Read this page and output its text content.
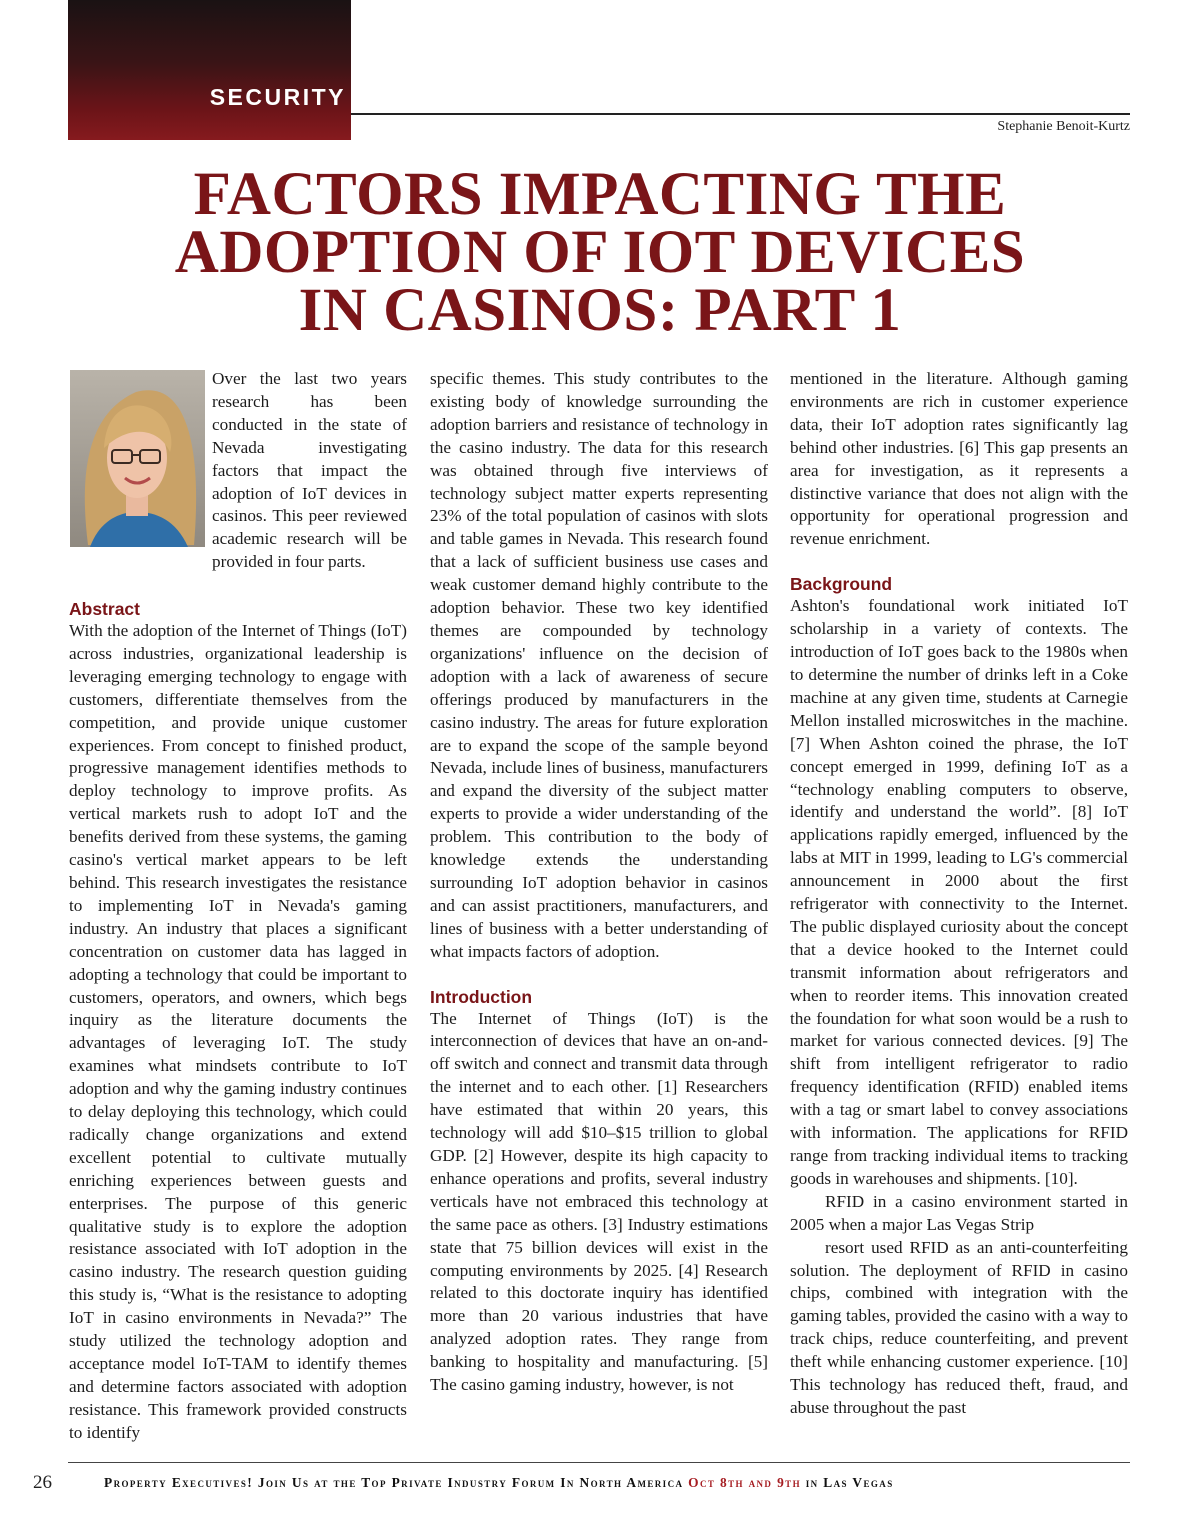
SECURITY
Stephanie Benoit-Kurtz
FACTORS IMPACTING THE
ADOPTION OF IOT DEVICES
IN CASINOS: PART 1

Over the last two years research has been conducted in the state of Nevada investigating factors that impact the adoption of IoT devices in casinos. This peer reviewed academic research will be provided in four parts.

Abstract

With the adoption of the Internet of Things (IoT) across industries, organizational leadership is leveraging emerging technology to engage with customers, differentiate themselves from the competition, and provide unique customer experiences. From concept to finished product, progressive management identifies methods to deploy technology to improve profits. As vertical markets rush to adopt IoT and the benefits derived from these systems, the gaming casino's vertical market appears to be left behind. This research investigates the resistance to implementing IoT in Nevada's gaming industry. An industry that places a significant concentration on customer data has lagged in adopting a technology that could be important to customers, operators, and owners, which begs inquiry as the literature documents the advantages of leveraging IoT. The study examines what mindsets contribute to IoT adoption and why the gaming industry continues to delay deploying this technology, which could radically change organizations and extend excellent potential to cultivate mutually enriching experiences between guests and enterprises. The purpose of this generic qualitative study is to explore the adoption resistance associated with IoT adoption in the casino industry. The research question guiding this study is, “What is the resistance to adopting IoT in casino environments in Nevada?” The study utilized the technology adoption and acceptance model IoT-TAM to identify themes and determine factors associated with adoption resistance. This framework provided constructs to identify

specific themes. This study contributes to the existing body of knowledge surrounding the adoption barriers and resistance of technology in the casino industry. The data for this research was obtained through five interviews of technology subject matter experts representing 23% of the total population of casinos with slots and table games in Nevada. This research found that a lack of sufficient business use cases and weak customer demand highly contribute to the adoption behavior. These two key identified themes are compounded by technology organizations' influence on the decision of adoption with a lack of awareness of secure offerings produced by manufacturers in the casino industry. The areas for future exploration are to expand the scope of the sample beyond Nevada, include lines of business, manufacturers and expand the diversity of the subject matter experts to provide a wider understanding of the problem. This contribution to the body of knowledge extends the understanding surrounding IoT adoption behavior in casinos and can assist practitioners, manufacturers, and lines of business with a better understanding of what impacts factors of adoption.

Introduction

The Internet of Things (IoT) is the interconnection of devices that have an on-and-off switch and connect and transmit data through the internet and to each other. [1] Researchers have estimated that within 20 years, this technology will add $10–$15 trillion to global GDP. [2] However, despite its high capacity to enhance operations and profits, several industry verticals have not embraced this technology at the same pace as others. [3] Industry estimations state that 75 billion devices will exist in the computing environments by 2025. [4] Research related to this doctorate inquiry has identified more than 20 various industries that have analyzed adoption rates. They range from banking to hospitality and manufacturing. [5] The casino gaming industry, however, is not

mentioned in the literature. Although gaming environments are rich in customer experience data, their IoT adoption rates significantly lag behind other industries. [6] This gap presents an area for investigation, as it represents a distinctive variance that does not align with the opportunity for operational progression and revenue enrichment.

Background

Ashton's foundational work initiated IoT scholarship in a variety of contexts. The introduction of IoT goes back to the 1980s when to determine the number of drinks left in a Coke machine at any given time, students at Carnegie Mellon installed microswitches in the machine. [7] When Ashton coined the phrase, the IoT concept emerged in 1999, defining IoT as a “technology enabling computers to observe, identify and understand the world”. [8] IoT applications rapidly emerged, influenced by the labs at MIT in 1999, leading to LG's commercial announcement in 2000 about the first refrigerator with connectivity to the Internet. The public displayed curiosity about the concept that a device hooked to the Internet could transmit information about refrigerators and when to reorder items. This innovation created the foundation for what soon would be a rush to market for various connected devices. [9] The shift from intelligent refrigerator to radio frequency identification (RFID) enabled items with a tag or smart label to convey associations with information. The applications for RFID range from tracking individual items to tracking goods in warehouses and shipments. [10].

RFID in a casino environment started in 2005 when a major Las Vegas Strip

resort used RFID as an anti-counterfeiting solution. The deployment of RFID in casino chips, combined with integration with the gaming tables, provided the casino with a way to track chips, reduce counterfeiting, and prevent theft while enhancing customer experience. [10] This technology has reduced theft, fraud, and abuse throughout the past

26	Property Executives! Join Us at the Top Private Industry Forum In North America Oct 8th and 9th in Las Vegas
